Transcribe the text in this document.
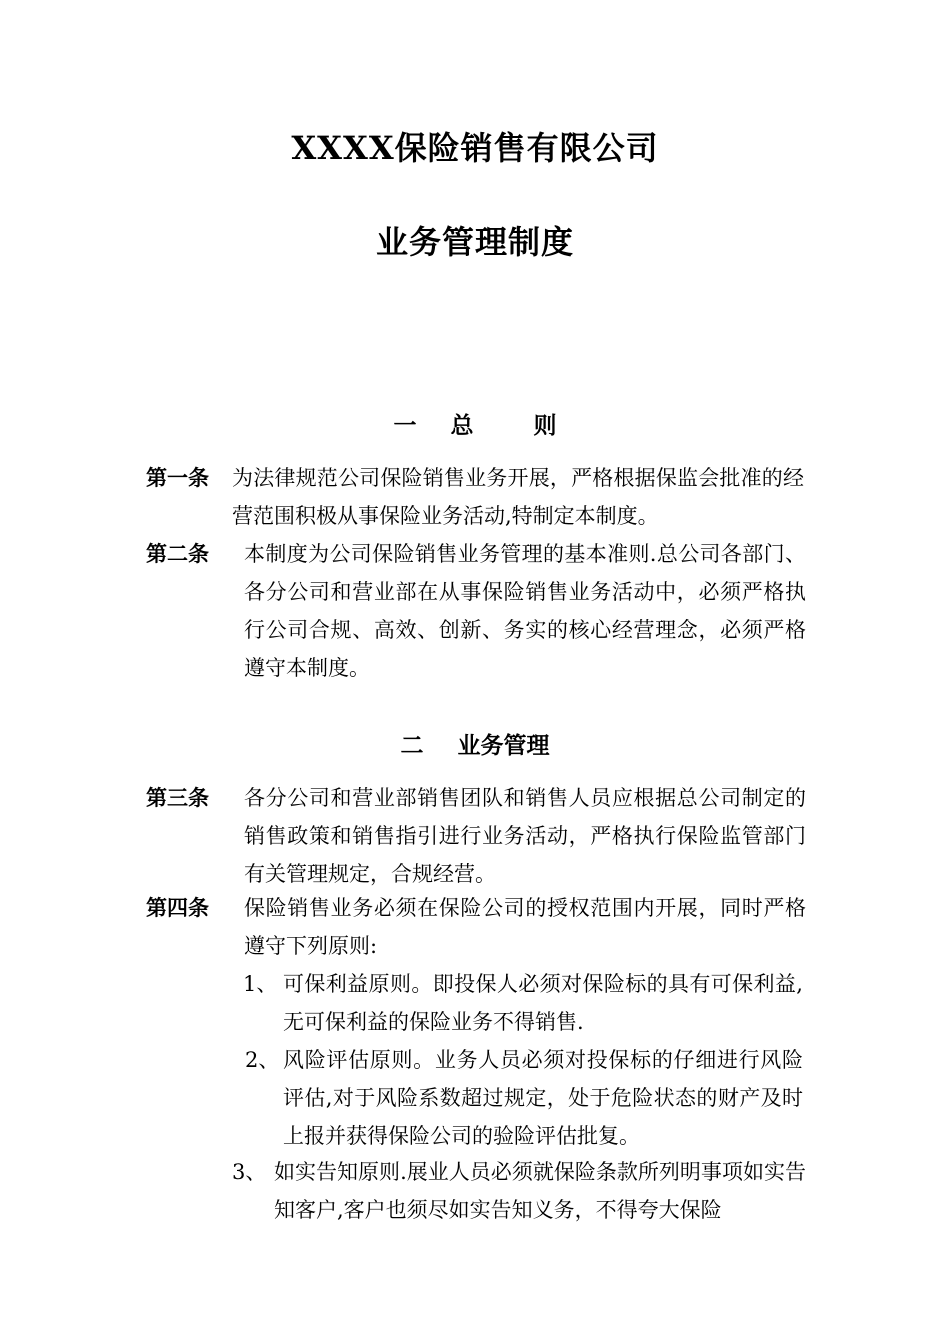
XXXX保险销售有限公司
业务管理制度
一 总 则
第一条 为法律规范公司保险销售业务开展，严格根据保监会批准的经营范围积极从事保险业务活动,特制定本制度。
第二条 本制度为公司保险销售业务管理的基本准则.总公司各部门、各分公司和营业部在从事保险销售业务活动中，必须严格执行公司合规、高效、创新、务实的核心经营理念，必须严格遵守本制度。
二 业务管理
第三条 各分公司和营业部销售团队和销售人员应根据总公司制定的销售政策和销售指引进行业务活动，严格执行保险监管部门有关管理规定，合规经营。
第四条 保险销售业务必须在保险公司的授权范围内开展，同时严格遵守下列原则:
1、 可保利益原则。即投保人必须对保险标的具有可保利益,无可保利益的保险业务不得销售.
2、 风险评估原则。业务人员必须对投保标的仔细进行风险评估,对于风险系数超过规定，处于危险状态的财产及时上报并获得保险公司的验险评估批复。
3、 如实告知原则.展业人员必须就保险条款所列明事项如实告知客户,客户也须尽如实告知义务，不得夸大保险
